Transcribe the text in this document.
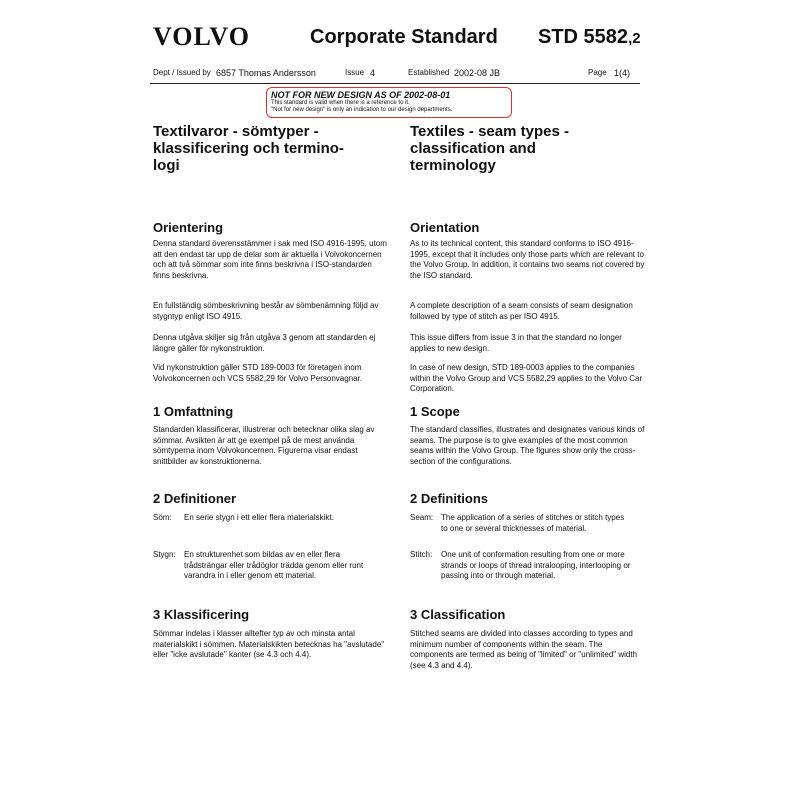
VOLVO	Corporate Standard STD 5582,2
Dept / Issued by 6857 Thomas Andersson	Issue 4	Established 2002-08 JB	Page 1(4)
NOT FOR NEW DESIGN AS OF 2002-08-01
This standard is valid when there is a reference to it.
"Not for new design" is only an indication to our design departments.
Textilvaror - sömtyper -
klassificering och termino-
logi
Orientering
Denna standard överensstämmer i sak med ISO 4916-1995, utom att den endast tar upp de delar som är aktuella i Volvokoncernen och att två sömmar som inte finns beskrivna i ISO-standarden finns beskrivna.
En fullständig sömbeskrivning består av sömbenämning följd av stygntyp enligt ISO 4915.
Denna utgåva skiljer sig från utgåva 3 genom att standarden ej längre gäller för nykonstruktion.
Vid nykonstruktion gäller STD 189-0003 för företagen inom Volvokoncernen och VCS 5582,29 för Volvo Personvagnar.
1 Omfattning
Standarden klassificerar, illustrerar och betecknar olika slag av sömmar. Avsikten är att ge exempel på de mest använda sömtyperna inom Volvokoncernen. Figurerna visar endast snittbilder av konstruktionerna.
2 Definitioner
Söm: En serie stygn i ett eller flera materialskikt.
Stygn: En strukturenhet som bildas av en eller flera trådsträngar eller trådöglor trädda genom eller runt varandra in i eller genom ett material.
3 Klassificering
Sömmar indelas i klasser alltefter typ av och minsta antal materialskikt i sömmen. Materialskikten betecknas ha "avslutade" eller "icke avslutade" kanter (se 4.3 och 4.4).
Textiles - seam types -
classification and
terminology
Orientation
As to its technical content, this standard conforms to ISO 4916-1995, except that it includes only those parts which are relevant to the Volvo Group. In addition, it contains two seams not covered by the ISO standard.
A complete description of a seam consists of seam designation followed by type of stitch as per ISO 4915.
This issue differs from issue 3 in that the standard no longer applies to new design.
In case of new design, STD 189-0003 applies to the companies within the Volvo Group and VCS 5582,29 applies to the Volvo Car Corporation.
1 Scope
The standard classifies, illustrates and designates various kinds of seams. The purpose is to give examples of the most common seams within the Volvo Group. The figures show only the cross-section of the configurations.
2 Definitions
Seam: The application of a series of stitches or stitch types to one or several thicknesses of material.
Stitch: One unit of conformation resulting from one or more strands or loops of thread intralooping, interlooping or passing into or through material.
3 Classification
Stitched seams are divided into classes according to types and minimum number of components within the seam. The components are termed as being of "limited" or "unlimited" width (see 4.3 and 4.4).
